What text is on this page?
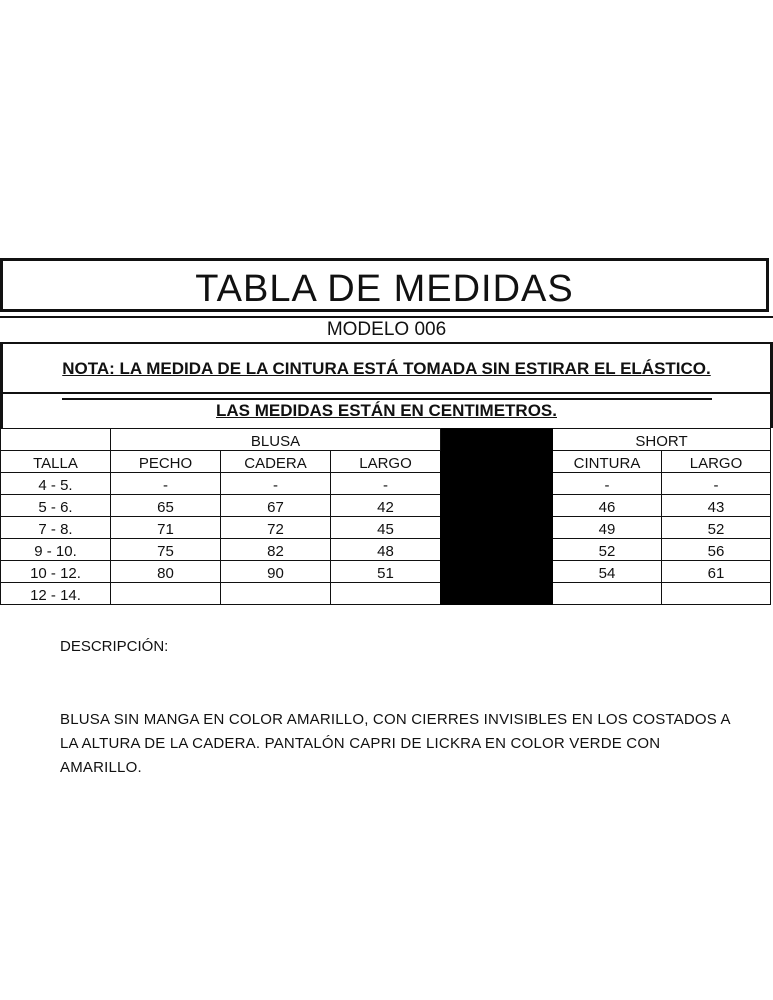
TABLA DE MEDIDAS
MODELO 006
NOTA: LA MEDIDA DE LA CINTURA ESTÁ TOMADA SIN ESTIRAR EL ELÁSTICO.
LAS MEDIDAS ESTÁN EN CENTIMETROS.
	BLUSA				SHORT	
TALLA	PECHO	CADERA	LARGO		CINTURA	LARGO
4 - 5.	-	-	-		-	-
5 - 6.	65	67	42		46	43
7 - 8.	71	72	45		49	52
9 - 10.	75	82	48		52	56
10 - 12.	80	90	51		54	61
12 - 14.						
DESCRIPCIÓN:
BLUSA SIN MANGA EN COLOR AMARILLO, CON CIERRES INVISIBLES EN LOS COSTADOS A LA ALTURA DE LA CADERA. PANTALÓN CAPRI DE LICKRA EN COLOR VERDE CON AMARILLO.
